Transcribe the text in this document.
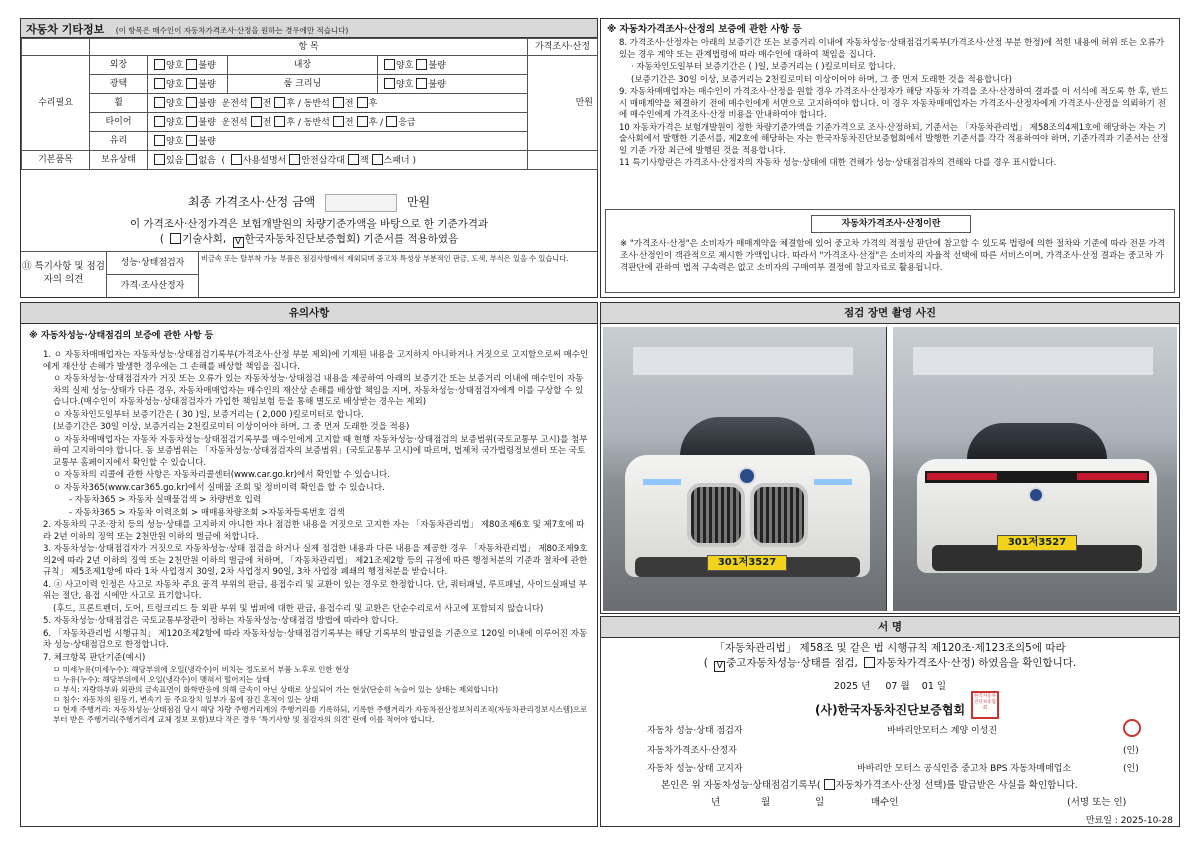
자동차 기타정보 (이 항목은 매수인이 자동차가격조사·산정을 원하는 경우에만 적습니다)
	항 목				가격조사·산정
수리필요	외장	양호 불량	내장	양호 불량	만원
	광택	양호 불량	룸 크리닝	양호 불량	
	휠	양호 불량 운전석 전 후 / 동반석 전 후			
	타이어	양호 불량 운전석 전 후 / 동반석 전 후 / 응급			
	유리	양호 불량			
기본품목	보유상태	있음 없음  ( 사용설명서 안전삼각대 잭 스패너 )			
최종 가격조사·산정 금액	만원
이 가격조사·산정가격은 보험개발원의 차량기준가액을 바탕으로 한 기준가격과
( 기술사회, V 한국자동차진단보증협회) 기준서를 적용하였음
⑪ 특기사항 및 점검자의 의견
성능·상태점검자	비금속 또는 탈부착 가능 부품은 점검사항에서 제외되며 중고차 특성상 부분적인 판금, 도색, 부식은 있을 수 있습니다.
가격·조사산정자
※ 자동차가격조사·산정의 보증에 관한 사항 등
8. 가격조사·산정자는 아래의 보증기간 또는 보증거리 이내에 자동차성능·상태점검기록부(가격조사·산정 부분 한정)에 적힌 내용에 허위 또는 오류가 있는 경우 계약 또는 관계법령에 따라 매수인에 대하여 책임을 집니다.
· 자동차인도일부터 보증기간은 ( )일, 보증거리는 ( )킬로미터로 합니다.
(보증기간은 30일 이상, 보증거리는 2천킬로미터 이상이어야 하며, 그 중 먼저 도래한 것을 적용합니다)
9. 자동차매매업자는 매수인이 가격조사·산정을 원할 경우 가격조사·산정자가 해당 자동차 가격을 조사·산정하여 결과를 이 서식에 적도록 한 후, 반드시 매매계약을 체결하기 전에 매수인에게 서면으로 고지하여야 합니다. 이 경우 자동차매매업자는 가격조사·산정자에게 가격조사·산정을 의뢰하기 전에 매수인에게 가격조사·산정 비용을 안내하여야 합니다.
10 자동차가격은 보험개발원이 정한 차량기준가액을 기준가격으로 조사·산정하되, 기준서는 「자동차관리법」 제58조의4제1호에 해당하는 자는 기술사회에서 발행한 기준서를, 제2호에 해당하는 자는 한국자동차진단보증협회에서 발행한 기준서를 각각 적용하여야 하며, 기준가격과 기준서는 산정일 기준 가장 최근에 발행된 것을 적용합니다.
11 특기사항란은 가격조사·산정자의 자동차 성능·상태에 대한 견해가 성능·상태점검자의 견해와 다를 경우 표시합니다.
자동차가격조사·산정이란
※ "가격조사·산정"은 소비자가 매매계약을 체결함에 있어 중고차 가격의 적절성 판단에 참고할 수 있도록 법령에 의한 절차와 기준에 따라 전문 가격조사·산정인이 객관적으로 제시한 가액입니다. 따라서 "가격조사·산정"은 소비자의 자율적 선택에 따른 서비스이며, 가격조사·산정 결과는 중고차 가격판단에 관하여 법적 구속력은 없고 소비자의 구매여부 결정에 참고자료로 활용됩니다.
유의사항
※ 자동차성능·상태점검의 보증에 관한 사항 등
1. ㅇ 자동차매매업자는 자동차성능·상태점검기록부(가격조사·산정 부분 제외)에 기재된 내용을 고지하지 아니하거나 거짓으로 고지함으로써 매수인에게 재산상 손해가 발생한 경우에는 그 손해를 배상할 책임을 집니다.
ㅇ 자동차성능·상태점검자가 거짓 또는 오류가 있는 자동차성능·상태점검 내용을 제공하여 아래의 보증기간 또는 보증거리 이내에 매수인이 자동차의 실제 성능·상태가 다른 경우, 자동차매매업자는 매수인의 재산상 손해를 배상할 책임을 지며, 자동차성능·상태점검자에게 이를 구상할 수 있습니다.(매수인이 자동차성능·상태점검자가 가입한 책임보험 등을 통해 별도로 배상받는 경우는 제외)
ㅇ 자동차인도일부터 보증기간은 ( 30 )일, 보증거리는 ( 2,000 )킬로미터로 합니다.
(보증기간은 30일 이상, 보증거리는 2천킬로미터 이상이어야 하며, 그 중 먼저 도래한 것을 적용)
ㅇ 자동차매매업자는 자동차 자동차성능·상태점검기록부를 매수인에게 고지할 때 현행 자동차성능·상태점검의 보증범위(국토교통부 고시)를 첨부하여 고지하여야 합니다. 동 보증범위는 「자동차성능·상태점검자의 보증범위」(국토교통부 고시)에 따르며, 법제처 국가법령정보센터 또는 국토교통부 홈페이지에서 확인할 수 있습니다.
ㅇ 자동차의 리콜에 관한 사항은 자동차리콜센터(www.car.go.kr)에서 확인할 수 있습니다.
ㅇ 자동차365(www.car365.go.kr)에서 실매물 조회 및 정비이력 확인을 할 수 있습니다.
- 자동차365 > 자동차 실매물검색 > 차량번호 입력
- 자동차365 > 자동차 이력조회 > 매매용차량조회 >자동차등록번호 검색
2. 자동차의 구조·장치 등의 성능·상태를 고지하지 아니한 자나 점검한 내용을 거짓으로 고지한 자는 「자동차관리법」 제80조제6호 및 제7호에 따라 2년 이하의 징역 또는 2천만원 이하의 벌금에 처합니다.
3. 자동차성능·상태점검자가 거짓으로 자동차성능·상태 점검을 하거나 실제 점검한 내용과 다른 내용을 제공한 경우 「자동차관리법」 제80조제9호의2에 따라 2년 이하의 징역 또는 2천만원 이하의 벌금에 처하며, 「자동차관리법」 제21조제2항 등의 규정에 따른 행정처분의 기준과 절차에 관한 규칙」 제5조제1항에 따라 1차 사업정지 30일, 2차 사업정지 90일, 3차 사업장 폐쇄의 행정처분을 받습니다.
4. ⓐ 사고이력 인정은 사고로 자동차 주요 골격 부위의 판금, 용접수리 및 교환이 있는 경우로 한정합니다. 단, 쿼터패널, 루프패널, 사이드실패널 부위는 절단, 용접 시에만 사고로 표기합니다.
(후드, 프론트펜더, 도어, 트렁크리드 등 외판 부위 및 범퍼에 대한 판금, 용접수리 및 교환은 단순수리로서 사고에 포함되지 않습니다)
5. 자동차성능·상태점검은 국토교통부장관이 정하는 자동차성능·상태점검 방법에 따라야 합니다.
6. 「자동차관리법 시행규칙」 제120조제2항에 따라 자동차성능·상태점검기록부는 해당 기록부의 발급일을 기준으로 120일 이내에 이루어진 자동차 성능·상태점검으로 한정합니다.
7. 체크항목 판단기준(예시)
ㅁ 미세누유(미세누수): 해당부위에 오일(냉각수)이 비치는 정도로서 부품 노후로 인한 현상
ㅁ 누유(누수): 해당부위에서 오일(냉각수)이 맺혀서 떨어지는 상태
ㅁ 부식: 자량하부와 외판의 금속표면이 화학반응에 의해 금속이 아닌 상태로 상실되어 가는 현상(단순히 녹슬어 있는 상태는 제외합니다)
ㅁ 침수: 자동차의 원동기, 변속기 등 주요장치 일부가 물에 잠긴 흔적이 있는 상태
ㅁ 현재 주행거리: 자동차성능·상태점검 당시 해당 차량 주행거리계의 주행거리를 기록하되, 기록한 주행거리가 자동차전산정보처리조직(자동차관리정보시스템)으로부터 받은 주행거리(주행거리계 교체 정보 포함)보다 작은 경우 '특기사항 및 점검자의 의견' 란에 이를 적어야 합니다.
점검 장면 촬영 사진
301저3527
301저3527
서 명
「자동차관리법」 제58조 및 같은 법 시행규칙 제120조·제123조의5에 따라
( V 중고자동차성능·상태를 점검, 자동차가격조사·산정) 하였음을 확인합니다.
2025 년 07 월 01 일
(사)한국자동차진단보증협회
한국자동차진단보증협회
자동차 성능·상태 점검자	바바리안모터스 계양 이성진
자동차가격조사·산정자	(인)
자동차 성능·상태 고지자	바바리안 모터스 공식인증 중고차 BPS 자동차매매업소	(인)
본인은 위 자동차성능·상태점검기록부( 자동차가격조사·산정 선택)를 발급받은 사실을 확인합니다.
년	월	일	매수인	(서명 또는 인)
만료일 : 2025-10-28
